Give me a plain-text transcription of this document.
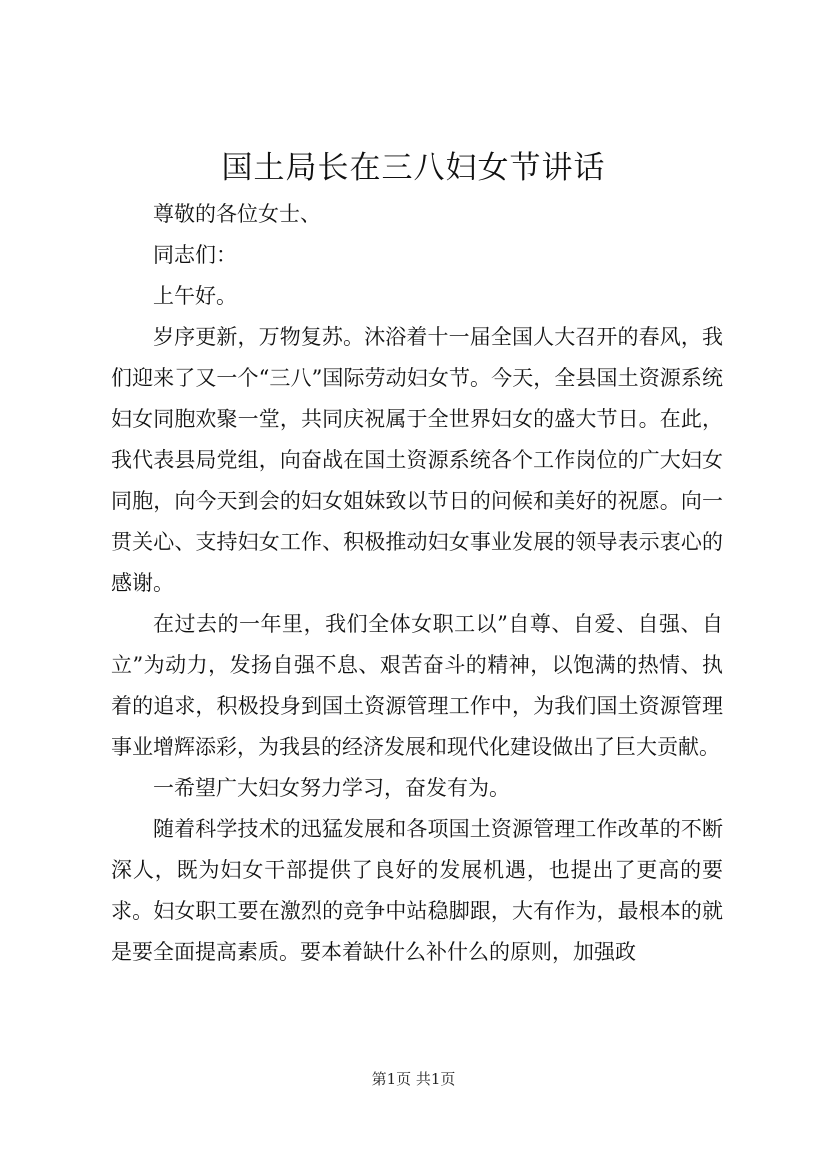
国土局长在三八妇女节讲话

尊敬的各位女士、

同志们：

上午好。

岁序更新，万物复苏。沐浴着十一届全国人大召开的春风，我们迎来了又一个“三八”国际劳动妇女节。今天，全县国土资源系统妇女同胞欢聚一堂，共同庆祝属于全世界妇女的盛大节日。在此，我代表县局党组，向奋战在国土资源系统各个工作岗位的广大妇女同胞，向今天到会的妇女姐妹致以节日的问候和美好的祝愿。向一贯关心、支持妇女工作、积极推动妇女事业发展的领导表示衷心的感谢。

在过去的一年里，我们全体女职工以”自尊、自爱、自强、自立”为动力，发扬自强不息、艰苦奋斗的精神，以饱满的热情、执着的追求，积极投身到国土资源管理工作中，为我们国土资源管理事业增辉添彩，为我县的经济发展和现代化建设做出了巨大贡献。

一希望广大妇女努力学习，奋发有为。

随着科学技术的迅猛发展和各项国土资源管理工作改革的不断深人，既为妇女干部提供了良好的发展机遇，也提出了更高的要求。妇女职工要在激烈的竞争中站稳脚跟，大有作为，最根本的就是要全面提高素质。要本着缺什么补什么的原则，加强政

第1页 共1页
